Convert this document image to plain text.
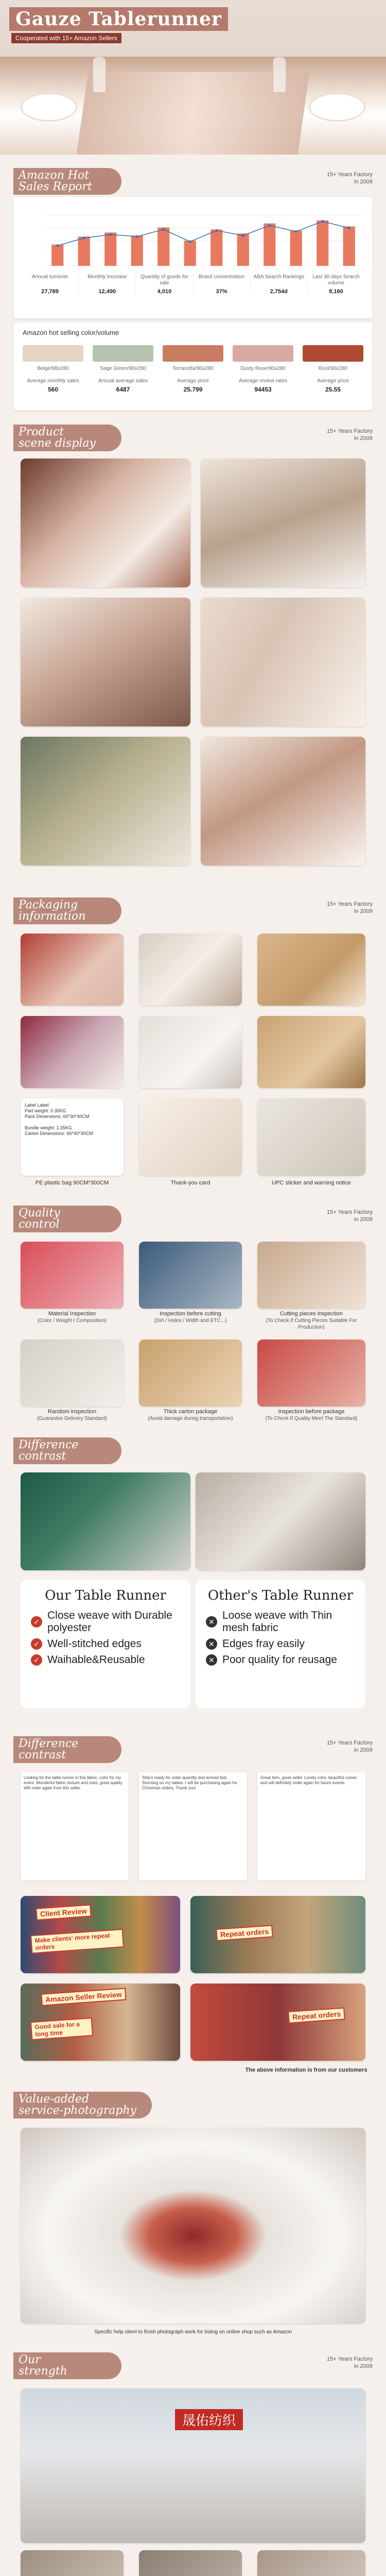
Gauze Tablerunner
Cooperated with 15+ Amazon Sellers
Amazon Hot
Sales Report
15+ Years Factory
in 2009
Annual turnover
27,789
Monthly Increase
12,490
Quantity of goods for sale
4,010
Brand concentration
37%
ABA Search Rankings
2,754d
Last 30 days Search volume
9,160
Amazon hot selling color/volume
Beige/98x280	Sage Green/90x280	Terracotta/90x280	Dusty Rose/90x280	Rust/90x280
Average monthly sales
560
Annual average sales
6487
Average price
25.799
Average review rates
94453
Average price
25.55
Product
scene display
15+ Years Factory
in 2009
Packaging
information
15+ Years Factory
in 2009
Label Label
Part weight: 0.35KG
Pack Dimensions: 60*30*40CM

Bundle weight: 1.35KG
Carton Dimensions: 60*40*30CM
PE plastic bag 90CM*300CM	Thank-you card	UPC sticker and warning notice
Quality
control
15+ Years Factory
in 2009
Material Inspection
(Color / Weight / Composition)
Inspection before cutting
(Dirt / Holes / Width and ETC...)
Cutting pieces inspection
(To Check if Cutting Pieces Suitable For Production)
Random inspection
(Guarantee Delivery Standard)
Thick carton package
(Avoid damage during transportation)
Inspection before package
(To Check If Quality Meet The Standard)
Difference
contrast
Our Table Runner
✓
Close weave with Durable polyester
✓ Well-stitched edges
✓ Waihable&Reusable
Other's Table Runner
✕
Loose weave with Thin mesh fabric
✕ Edges fray easily
✕ Poor quality for reusage
Difference
contrast
15+ Years Factory
in 2009
Looking for the table runner in this fabric, color for my event. Wonderful fabric texture and color, great quality. Will order again from this seller.
Ship's ready for order quantity and arrived fast. Stunning on my tables. I will be purchasing again for Christmas orders. Thank you!
Great item, great seller. Lovely color, beautiful runner and will definitely order again for future events.
Client Review
Make clients' more repeat orders
Amazon Seller Review
Good sale for a long time
Repeat orders
Repeat orders
The above information is from our customers
Value-added
service-photography
Specific help client to finish photograph work for listing on online shop such as Amazon
Our
strength
15+ Years Factory
in 2009
晟佑纺织
